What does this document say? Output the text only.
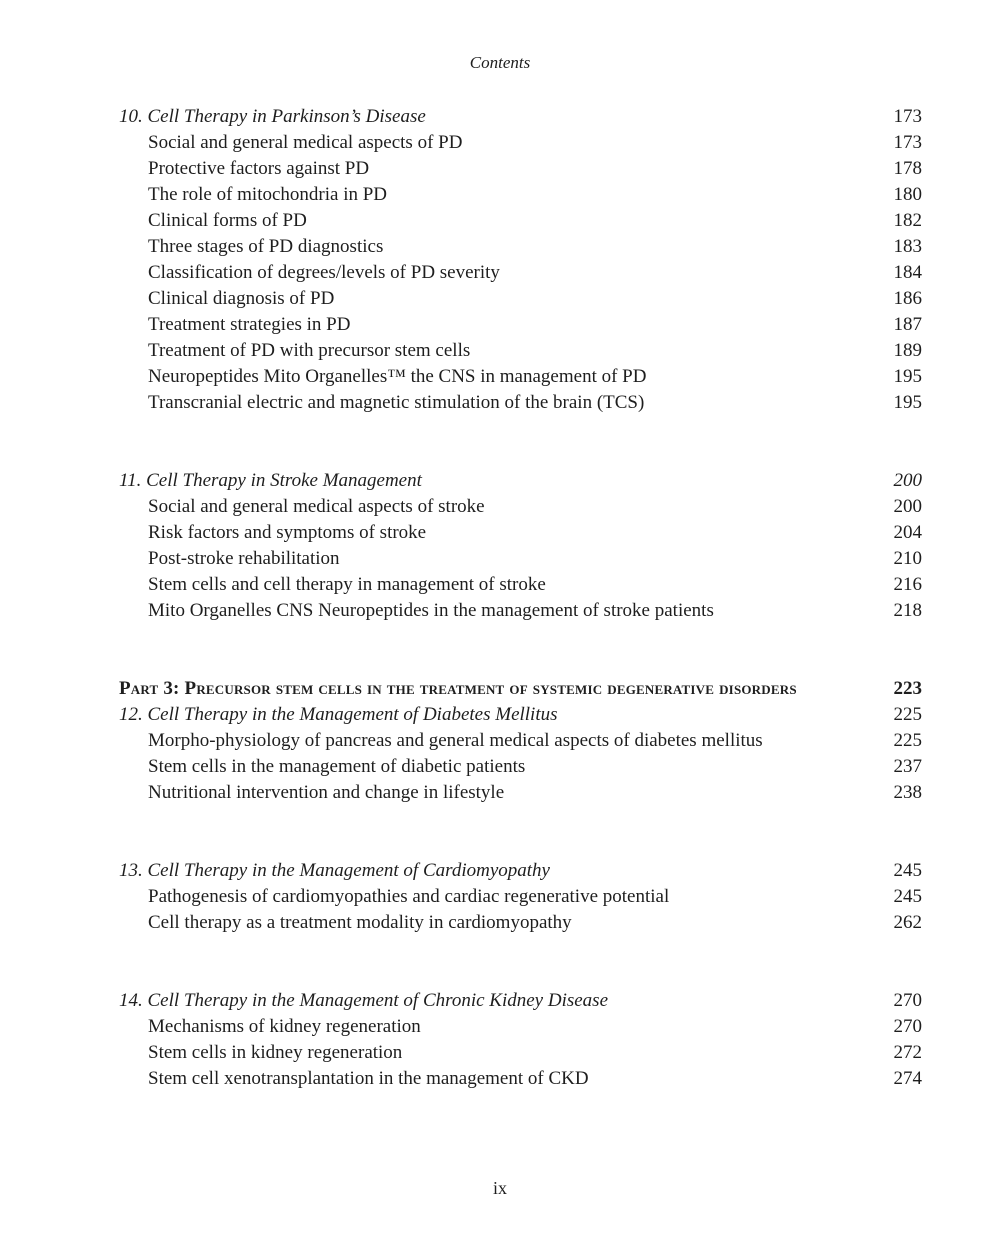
Contents
10. Cell Therapy in Parkinson’s Disease	173
Social and general medical aspects of PD	173
Protective factors against PD	178
The role of mitochondria in PD	180
Clinical forms of PD	182
Three stages of PD diagnostics	183
Classification of degrees/levels of PD severity	184
Clinical diagnosis of PD	186
Treatment strategies in PD	187
Treatment of PD with precursor stem cells	189
Neuropeptides Mito Organelles™ the CNS in management of PD	195
Transcranial electric and magnetic stimulation of the brain (TCS)	195
11. Cell Therapy in Stroke Management	200
Social and general medical aspects of stroke	200
Risk factors and symptoms of stroke	204
Post-stroke rehabilitation	210
Stem cells and cell therapy in management of stroke	216
Mito Organelles CNS Neuropeptides in the management of stroke patients	218
Part 3: Precursor stem cells in the treatment of systemic degenerative disorders	223
12. Cell Therapy in the Management of Diabetes Mellitus	225
Morpho-physiology of pancreas and general medical aspects of diabetes mellitus	225
Stem cells in the management of diabetic patients	237
Nutritional intervention and change in lifestyle	238
13. Cell Therapy in the Management of Cardiomyopathy	245
Pathogenesis of cardiomyopathies and cardiac regenerative potential	245
Cell therapy as a treatment modality in cardiomyopathy	262
14. Cell Therapy in the Management of Chronic Kidney Disease	270
Mechanisms of kidney regeneration	270
Stem cells in kidney regeneration	272
Stem cell xenotransplantation in the management of CKD	274
ix
